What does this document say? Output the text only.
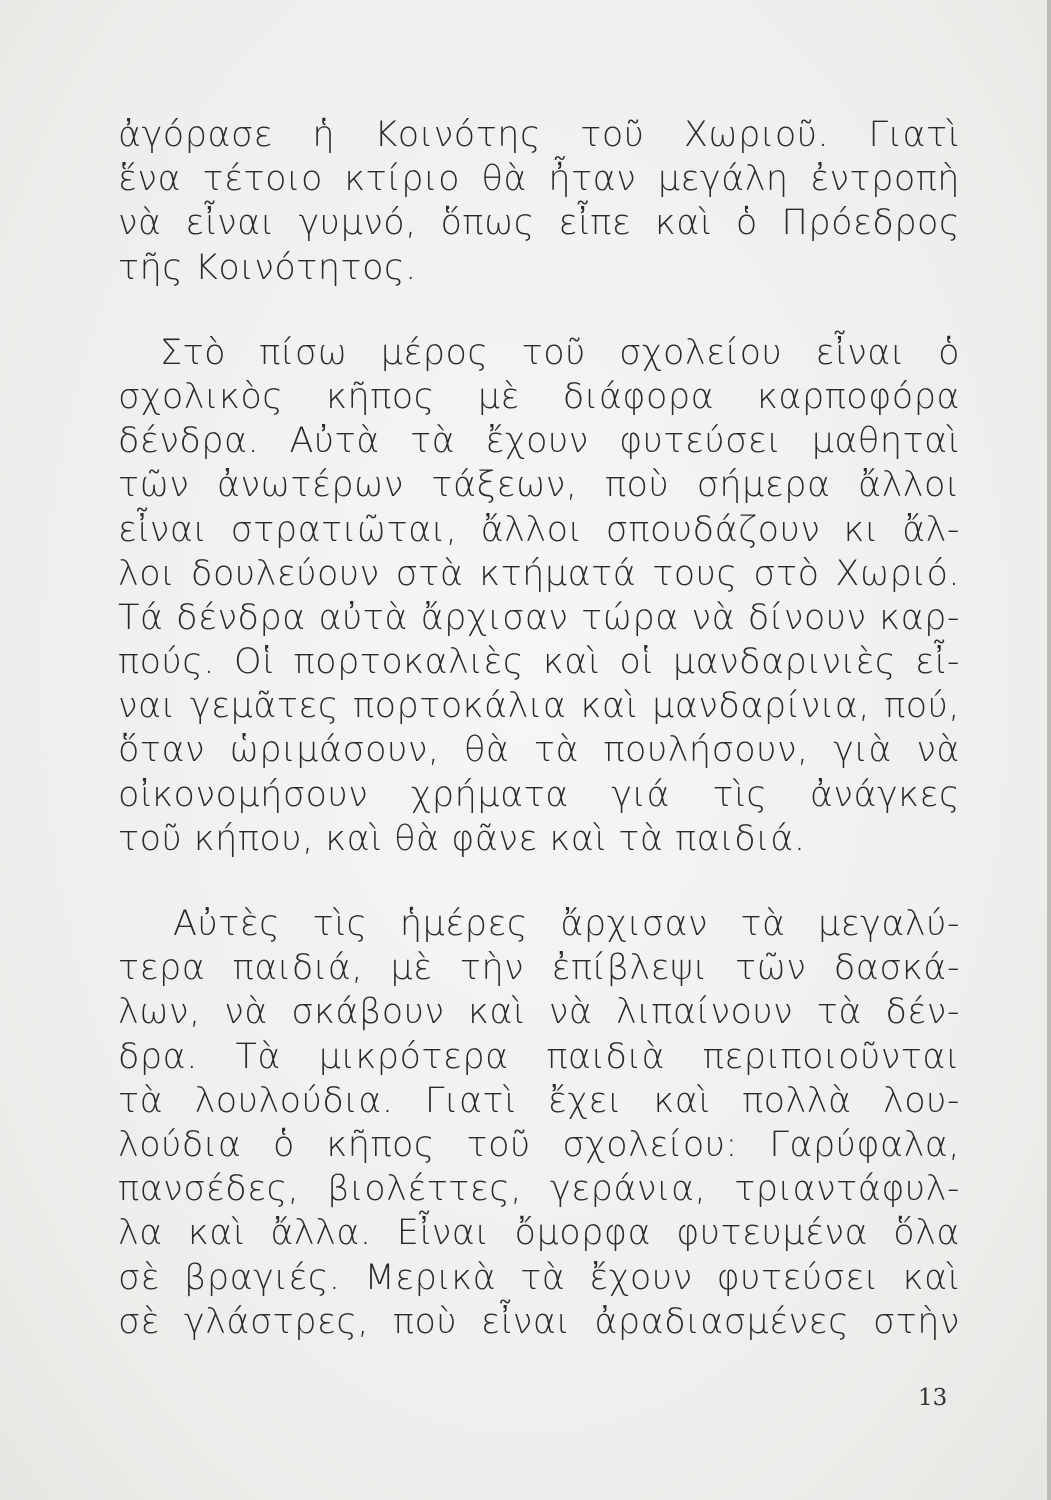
ἀγόρασε ἡ Κοινότης τοῦ Χωριοῦ. Γιατὶ
ἕνα τέτοιο κτίριο θὰ ἦταν μεγάλη ἐντροπὴ
νὰ εἶναι γυμνό, ὅπως εἶπε καὶ ὁ Πρόεδρος
τῆς Κοινότητος.
Στὸ πίσω μέρος τοῦ σχολείου εἶναι ὁ
σχολικὸς κῆπος μὲ διάφορα καρποφόρα
δένδρα. Αὐτὰ τὰ ἔχουν φυτεύσει μαθηταὶ
τῶν ἀνωτέρων τάξεων, ποὺ σήμερα ἄλλοι
εἶναι στρατιῶται, ἄλλοι σπουδάζουν κι ἄλ-
λοι δουλεύουν στὰ κτήματά τους στὸ Χωριό.
Τά δένδρα αὐτὰ ἄρχισαν τώρα νὰ δίνουν καρ-
πούς. Οἱ πορτοκαλιὲς καὶ οἱ μανδαρινιὲς εἶ-
ναι γεμᾶτες πορτοκάλια καὶ μανδαρίνια, πού,
ὅταν ὡριμάσουν, θὰ τὰ πουλήσουν, γιὰ νὰ
οἰκονομήσουν χρήματα γιά τὶς ἀνάγκες
τοῦ κήπου, καὶ θὰ φᾶνε καὶ τὰ παιδιά.
Αὐτὲς τὶς ἡμέρες ἄρχισαν τὰ μεγαλύ-
τερα παιδιά, μὲ τὴν ἐπίβλεψι τῶν δασκά-
λων, νὰ σκάβουν καὶ νὰ λιπαίνουν τὰ δέν-
δρα. Τὰ μικρότερα παιδιὰ περιποιοῦνται
τὰ λουλούδια. Γιατὶ ἔχει καὶ πολλὰ λου-
λούδια ὁ κῆπος τοῦ σχολείου: Γαρύφαλα,
πανσέδες, βιολέττες, γεράνια, τριαντάφυλ-
λα καὶ ἄλλα. Εἶναι ὄμορφα φυτευμένα ὅλα
σὲ βραγιές. Μερικὰ τὰ ἔχουν φυτεύσει καὶ
σὲ γλάστρες, ποὺ εἶναι ἀραδιασμένες στὴν
13
